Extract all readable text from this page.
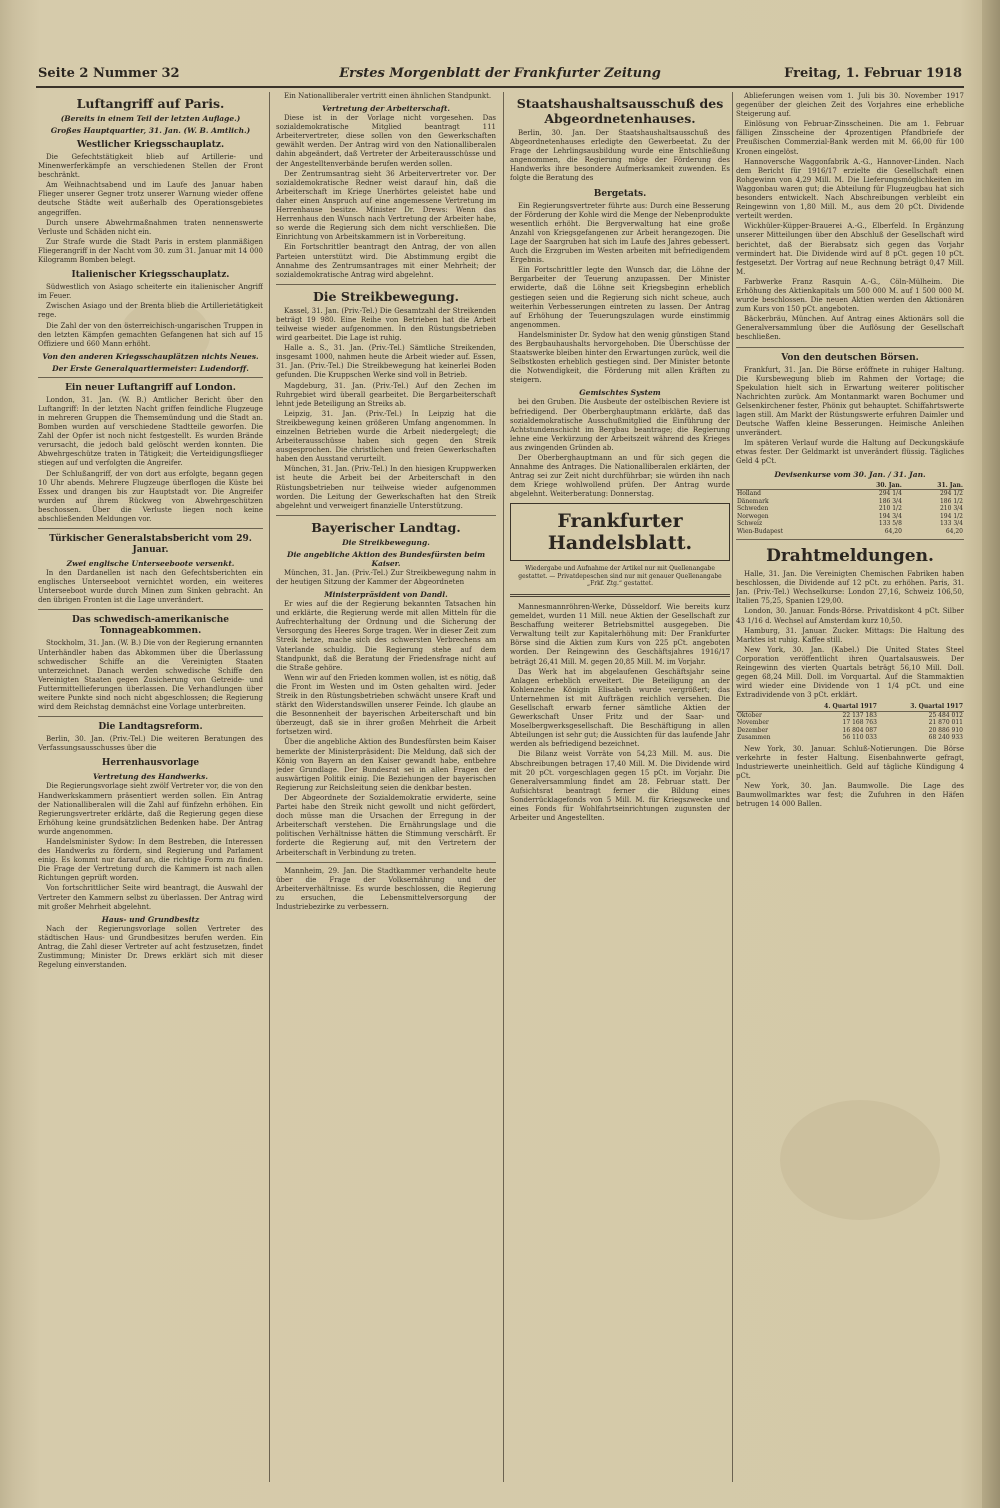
Seite 2 Nummer 32	Erstes Morgenblatt der Frankfurter Zeitung	Freitag, 1. Februar 1918
Luftangriff auf Paris.
(Bereits in einem Teil der letzten Auflage.)
Großes Hauptquartier, 31. Jan. (W. B. Amtlich.)
Westlicher Kriegsschauplatz.

Die Gefechtstätigkeit blieb auf Artillerie- und Minenwerferkämpfe an verschiedenen Stellen der Front beschränkt.

Am Weihnachtsabend und im Laufe des Januar haben Flieger unserer Gegner trotz unserer Warnung wieder offene deutsche Städte weit außerhalb des Operationsgebietes angegriffen.

Durch unsere Abwehrmaßnahmen traten nennenswerte Verluste und Schäden nicht ein.

Zur Strafe wurde die Stadt Paris in erstem planmäßigen Fliegerangriff in der Nacht vom 30. zum 31. Januar mit 14 000 Kilogramm Bomben belegt.

Italienischer Kriegsschauplatz.

Südwestlich von Asiago scheiterte ein italienischer Angriff im Feuer.

Zwischen Asiago und der Brenta blieb die Artillerietätigkeit rege.

Die Zahl der von den österreichisch-ungarischen Truppen in den letzten Kämpfen gemachten Gefangenen hat sich auf 15 Offiziere und 660 Mann erhöht.

Von den anderen Kriegsschauplätzen nichts Neues.
Der Erste Generalquartiermeister: Ludendorff.
Ein neuer Luftangriff auf London.

London, 31. Jan. (W. B.) Amtlicher Bericht über den Luftangriff: In der letzten Nacht griffen feindliche Flugzeuge in mehreren Gruppen die Themsemündung und die Stadt an. Bomben wurden auf verschiedene Stadtteile geworfen. Die Zahl der Opfer ist noch nicht festgestellt. Es wurden Brände verursacht, die jedoch bald gelöscht werden konnten. Die Abwehrgeschütze traten in Tätigkeit; die Verteidigungsflieger stiegen auf und verfolgten die Angreifer.

Der Schlußangriff, der von dort aus erfolgte, begann gegen 10 Uhr abends. Mehrere Flugzeuge überflogen die Küste bei Essex und drangen bis zur Hauptstadt vor. Die Angreifer wurden auf ihrem Rückweg von Abwehrgeschützen beschossen. Über die Verluste liegen noch keine abschließenden Meldungen vor.

Türkischer Generalstabsbericht vom 29. Januar.
Zwei englische Unterseeboote versenkt.

In den Dardanellen ist nach den Gefechtsberichten ein englisches Unterseeboot vernichtet worden, ein weiteres Unterseeboot wurde durch Minen zum Sinken gebracht. An den übrigen Fronten ist die Lage unverändert.

Das schwedisch-amerikanische Tonnageabkommen.

Stockholm, 31. Jan. (W. B.) Die von der Regierung ernannten Unterhändler haben das Abkommen über die Überlassung schwedischer Schiffe an die Vereinigten Staaten unterzeichnet. Danach werden schwedische Schiffe den Vereinigten Staaten gegen Zusicherung von Getreide- und Futtermittellieferungen überlassen. Die Verhandlungen über weitere Punkte sind noch nicht abgeschlossen; die Regierung wird dem Reichstag demnächst eine Vorlage unterbreiten.

Die Landtagsreform.

Berlin, 30. Jan. (Priv.-Tel.) Die weiteren Beratungen des Verfassungsausschusses über die

Herrenhausvorlage
Vertretung des Handwerks.

Die Regierungsvorlage sieht zwölf Vertreter vor, die von den Handwerkskammern präsentiert werden sollen. Ein Antrag der Nationalliberalen will die Zahl auf fünfzehn erhöhen. Ein Regierungsvertreter erklärte, daß die Regierung gegen diese Erhöhung keine grundsätzlichen Bedenken habe. Der Antrag wurde angenommen.

Handelsminister Sydow: In dem Bestreben, die Interessen des Handwerks zu fördern, sind Regierung und Parlament einig. Es kommt nur darauf an, die richtige Form zu finden. Die Frage der Vertretung durch die Kammern ist nach allen Richtungen geprüft worden.

Von fortschrittlicher Seite wird beantragt, die Auswahl der Vertreter den Kammern selbst zu überlassen. Der Antrag wird mit großer Mehrheit abgelehnt.

Haus- und Grundbesitz

Nach der Regierungsvorlage sollen Vertreter des städtischen Haus- und Grundbesitzes berufen werden. Ein Antrag, die Zahl dieser Vertreter auf acht festzusetzen, findet Zustimmung; Minister Dr. Drews erklärt sich mit dieser Regelung einverstanden.

Ein Nationalliberaler vertritt einen ähnlichen Standpunkt.

Vertretung der Arbeiterschaft.

Diese ist in der Vorlage nicht vorgesehen. Das sozialdemokratische Mitglied beantragt 111 Arbeitervertreter, diese sollen von den Gewerkschaften gewählt werden. Der Antrag wird von den Nationalliberalen dahin abgeändert, daß Vertreter der Arbeiterausschüsse und der Angestelltenverbände berufen werden sollen.

Der Zentrumsantrag sieht 36 Arbeitervertreter vor. Der sozialdemokratische Redner weist darauf hin, daß die Arbeiterschaft im Kriege Unerhörtes geleistet habe und daher einen Anspruch auf eine angemessene Vertretung im Herrenhause besitze. Minister Dr. Drews: Wenn das Herrenhaus den Wunsch nach Vertretung der Arbeiter habe, so werde die Regierung sich dem nicht verschließen. Die Einrichtung von Arbeitskammern ist in Vorbereitung.

Ein Fortschrittler beantragt den Antrag, der von allen Parteien unterstützt wird. Die Abstimmung ergibt die Annahme des Zentrumsantrages mit einer Mehrheit; der sozialdemokratische Antrag wird abgelehnt.

Die Streikbewegung.

Kassel, 31. Jan. (Priv.-Tel.) Die Gesamtzahl der Streikenden beträgt 19 980. Eine Reihe von Betrieben hat die Arbeit teilweise wieder aufgenommen. In den Rüstungsbetrieben wird gearbeitet. Die Lage ist ruhig.

Halle a. S., 31. Jan. (Priv.-Tel.) Sämtliche Streikenden, insgesamt 1000, nahmen heute die Arbeit wieder auf. Essen, 31. Jan. (Priv.-Tel.) Die Streikbewegung hat keinerlei Boden gefunden. Die Kruppschen Werke sind voll in Betrieb.

Magdeburg, 31. Jan. (Priv.-Tel.) Auf den Zechen im Ruhrgebiet wird überall gearbeitet. Die Bergarbeiterschaft lehnt jede Beteiligung an Streiks ab.

Leipzig, 31. Jan. (Priv.-Tel.) In Leipzig hat die Streikbewegung keinen größeren Umfang angenommen. In einzelnen Betrieben wurde die Arbeit niedergelegt; die Arbeiterausschüsse haben sich gegen den Streik ausgesprochen. Die christlichen und freien Gewerkschaften haben den Ausstand verurteilt.

München, 31. Jan. (Priv.-Tel.) In den hiesigen Kruppwerken ist heute die Arbeit bei der Arbeiterschaft in den Rüstungsbetrieben nur teilweise wieder aufgenommen worden. Die Leitung der Gewerkschaften hat den Streik abgelehnt und verweigert finanzielle Unterstützung.

Bayerischer Landtag.
Die Streikbewegung.
Die angebliche Aktion des Bundesfürsten beim Kaiser.

München, 31. Jan. (Priv.-Tel.) Zur Streikbewegung nahm in der heutigen Sitzung der Kammer der Abgeordneten

Ministerpräsident von Dandl.

Er wies auf die der Regierung bekannten Tatsachen hin und erklärte, die Regierung werde mit allen Mitteln für die Aufrechterhaltung der Ordnung und die Sicherung der Versorgung des Heeres Sorge tragen. Wer in dieser Zeit zum Streik hetze, mache sich des schwersten Verbrechens am Vaterlande schuldig. Die Regierung stehe auf dem Standpunkt, daß die Beratung der Friedensfrage nicht auf die Straße gehöre.

Wenn wir auf den Frieden kommen wollen, ist es nötig, daß die Front im Westen und im Osten gehalten wird. Jeder Streik in den Rüstungsbetrieben schwächt unsere Kraft und stärkt den Widerstandswillen unserer Feinde. Ich glaube an die Besonnenheit der bayerischen Arbeiterschaft und bin überzeugt, daß sie in ihrer großen Mehrheit die Arbeit fortsetzen wird.

Über die angebliche Aktion des Bundesfürsten beim Kaiser bemerkte der Ministerpräsident: Die Meldung, daß sich der König von Bayern an den Kaiser gewandt habe, entbehre jeder Grundlage. Der Bundesrat sei in allen Fragen der auswärtigen Politik einig. Die Beziehungen der bayerischen Regierung zur Reichsleitung seien die denkbar besten.

Der Abgeordnete der Sozialdemokratie erwiderte, seine Partei habe den Streik nicht gewollt und nicht gefördert, doch müsse man die Ursachen der Erregung in der Arbeiterschaft verstehen. Die Ernährungslage und die politischen Verhältnisse hätten die Stimmung verschärft. Er forderte die Regierung auf, mit den Vertretern der Arbeiterschaft in Verbindung zu treten.

Mannheim, 29. Jan. Die Stadtkammer verhandelte heute über die Frage der Volksernährung und der Arbeiterverhältnisse. Es wurde beschlossen, die Regierung zu ersuchen, die Lebensmittelversorgung der Industriebezirke zu verbessern.

Staatshaushaltsausschuß des Abgeordnetenhauses.

Berlin, 30. Jan. Der Staatshaushaltsausschuß des Abgeordnetenhauses erledigte den Gewerbeetat. Zu der Frage der Lehrlingsausbildung wurde eine Entschließung angenommen, die Regierung möge der Förderung des Handwerks ihre besondere Aufmerksamkeit zuwenden. Es folgte die Beratung des

Bergetats.

Ein Regierungsvertreter führte aus: Durch eine Besserung der Förderung der Kohle wird die Menge der Nebenprodukte wesentlich erhöht. Die Bergverwaltung hat eine große Anzahl von Kriegsgefangenen zur Arbeit herangezogen. Die Lage der Saargruben hat sich im Laufe des Jahres gebessert. Auch die Erzgruben im Westen arbeiten mit befriedigendem Ergebnis.

Ein Fortschrittler legte den Wunsch dar, die Löhne der Bergarbeiter der Teuerung anzupassen. Der Minister erwiderte, daß die Löhne seit Kriegsbeginn erheblich gestiegen seien und die Regierung sich nicht scheue, auch weiterhin Verbesserungen eintreten zu lassen. Der Antrag auf Erhöhung der Teuerungszulagen wurde einstimmig angenommen.

Handelsminister Dr. Sydow hat den wenig günstigen Stand des Bergbauhaushalts hervorgehoben. Die Überschüsse der Staatswerke bleiben hinter den Erwartungen zurück, weil die Selbstkosten erheblich gestiegen sind. Der Minister betonte die Notwendigkeit, die Förderung mit allen Kräften zu steigern.

Gemischtes System

bei den Gruben. Die Ausbeute der ostelbischen Reviere ist befriedigend. Der Oberberghauptmann erklärte, daß das sozialdemokratische Ausschußmitglied die Einführung der Achtstundenschicht im Bergbau beantrage; die Regierung lehne eine Verkürzung der Arbeitszeit während des Krieges aus zwingenden Gründen ab.

Der Oberberghauptmann an und für sich gegen die Annahme des Antrages. Die Nationalliberalen erklärten, der Antrag sei zur Zeit nicht durchführbar; sie würden ihn nach dem Kriege wohlwollend prüfen. Der Antrag wurde abgelehnt. Weiterberatung: Donnerstag.

Frankfurter Handelsblatt.
Wiedergabe und Aufnahme der Artikel nur mit Quellenangabe gestattet. — Privatdepeschen sind nur mit genauer Quellenangabe „Frkf. Ztg.“ gestattet.

Mannesmannröhren-Werke, Düsseldorf. Wie bereits kurz gemeldet, wurden 11 Mill. neue Aktien der Gesellschaft zur Beschaffung weiterer Betriebsmittel ausgegeben. Die Verwaltung teilt zur Kapitalerhöhung mit: Der Frankfurter Börse sind die Aktien zum Kurs von 225 pCt. angeboten worden. Der Reingewinn des Geschäftsjahres 1916/17 beträgt 26,41 Mill. M. gegen 20,85 Mill. M. im Vorjahr.

Das Werk hat im abgelaufenen Geschäftsjahr seine Anlagen erheblich erweitert. Die Beteiligung an der Kohlenzeche Königin Elisabeth wurde vergrößert; das Unternehmen ist mit Aufträgen reichlich versehen. Die Gesellschaft erwarb ferner sämtliche Aktien der Gewerkschaft Unser Fritz und der Saar- und Moselbergwerksgesellschaft. Die Beschäftigung in allen Abteilungen ist sehr gut; die Aussichten für das laufende Jahr werden als befriedigend bezeichnet.

Die Bilanz weist Vorräte von 54,23 Mill. M. aus. Die Abschreibungen betragen 17,40 Mill. M. Die Dividende wird mit 20 pCt. vorgeschlagen gegen 15 pCt. im Vorjahr. Die Generalversammlung findet am 28. Februar statt. Der Aufsichtsrat beantragt ferner die Bildung eines Sonderrücklagefonds von 5 Mill. M. für Kriegszwecke und eines Fonds für Wohlfahrtseinrichtungen zugunsten der Arbeiter und Angestellten.

Ablieferungen weisen vom 1. Juli bis 30. November 1917 gegenüber der gleichen Zeit des Vorjahres eine erhebliche Steigerung auf.

Einlösung von Februar-Zinsscheinen. Die am 1. Februar fälligen Zinsscheine der 4prozentigen Pfandbriefe der Preußischen Commerzial-Bank werden mit M. 66,00 für 100 Kronen eingelöst.

Hannoversche Waggonfabrik A.-G., Hannover-Linden. Nach dem Bericht für 1916/17 erzielte die Gesellschaft einen Rohgewinn von 4,29 Mill. M. Die Lieferungsmöglichkeiten im Waggonbau waren gut; die Abteilung für Flugzeugbau hat sich besonders entwickelt. Nach Abschreibungen verbleibt ein Reingewinn von 1,80 Mill. M., aus dem 20 pCt. Dividende verteilt werden.

Wickhüler-Küpper-Brauerei A.-G., Elberfeld. In Ergänzung unserer Mitteilungen über den Abschluß der Gesellschaft wird berichtet, daß der Bierabsatz sich gegen das Vorjahr vermindert hat. Die Dividende wird auf 8 pCt. gegen 10 pCt. festgesetzt. Der Vortrag auf neue Rechnung beträgt 0,47 Mill. M.

Farbwerke Franz Rasquin A.-G., Cöln-Mülheim. Die Erhöhung des Aktienkapitals um 500 000 M. auf 1 500 000 M. wurde beschlossen. Die neuen Aktien werden den Aktionären zum Kurs von 150 pCt. angeboten.

Bäckerbräu, München. Auf Antrag eines Aktionärs soll die Generalversammlung über die Auflösung der Gesellschaft beschließen.

Von den deutschen Börsen.

Frankfurt, 31. Jan. Die Börse eröffnete in ruhiger Haltung. Die Kursbewegung blieb im Rahmen der Vortage; die Spekulation hielt sich in Erwartung weiterer politischer Nachrichten zurück. Am Montanmarkt waren Bochumer und Gelsenkirchener fester, Phönix gut behauptet. Schiffahrtswerte lagen still. Am Markt der Rüstungswerte erfuhren Daimler und Deutsche Waffen kleine Besserungen. Heimische Anleihen unverändert.

Im späteren Verlauf wurde die Haltung auf Deckungskäufe etwas fester. Der Geldmarkt ist unverändert flüssig. Tägliches Geld 4 pCt.

Devisenkurse vom 30. Jan. / 31. Jan.
	30. Jan.	31. Jan.
Holland	294 1/4	294 1/2
Dänemark	186 3/4	186 1/2
Schweden	210 1/2	210 3/4
Norwegen	194 3/4	194 1/2
Schweiz	133 5/8	133 3/4
Wien-Budapest	64,20	64,20
Drahtmeldungen.

Halle, 31. Jan. Die Vereinigten Chemischen Fabriken haben beschlossen, die Dividende auf 12 pCt. zu erhöhen. Paris, 31. Jan. (Priv.-Tel.) Wechselkurse: London 27,16, Schweiz 106,50, Italien 75,25, Spanien 129,00.

London, 30. Januar. Fonds-Börse. Privatdiskont 4 pCt. Silber 43 1/16 d. Wechsel auf Amsterdam kurz 10,50.

Hamburg, 31. Januar. Zucker. Mittags: Die Haltung des Marktes ist ruhig. Kaffee still.

New York, 30. Jan. (Kabel.) Die United States Steel Corporation veröffentlicht ihren Quartalsausweis. Der Reingewinn des vierten Quartals beträgt 56,10 Mill. Doll. gegen 68,24 Mill. Doll. im Vorquartal. Auf die Stammaktien wird wieder eine Dividende von 1 1/4 pCt. und eine Extradividende von 3 pCt. erklärt.

	4. Quartal 1917	3. Quartal 1917
Oktober	22 137 183	25 484 012
November	17 168 763	21 870 011
Dezember	16 804 087	20 886 910
Zusammen	56 110 033	68 240 933

New York, 30. Januar. Schluß-Notierungen. Die Börse verkehrte in fester Haltung. Eisenbahnwerte gefragt, Industriewerte uneinheitlich. Geld auf tägliche Kündigung 4 pCt.

New York, 30. Jan. Baumwolle. Die Lage des Baumwollmarktes war fest; die Zufuhren in den Häfen betrugen 14 000 Ballen.
